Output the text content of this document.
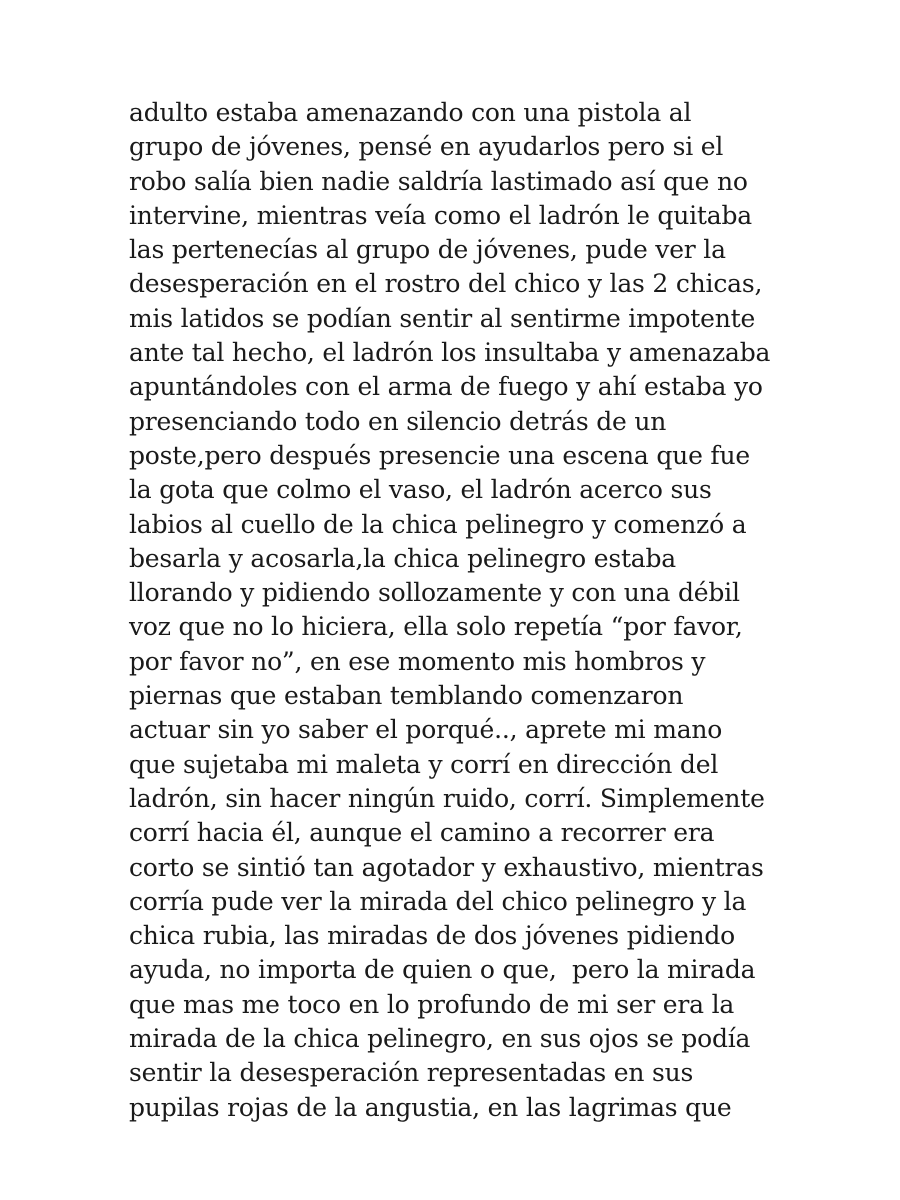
adulto estaba amenazando con una pistola al
grupo de jóvenes, pensé en ayudarlos pero si el
robo salía bien nadie saldría lastimado así que no
intervine, mientras veía como el ladrón le quitaba
las pertenecías al grupo de jóvenes, pude ver la
desesperación en el rostro del chico y las 2 chicas,
mis latidos se podían sentir al sentirme impotente
ante tal hecho, el ladrón los insultaba y amenazaba
apuntándoles con el arma de fuego y ahí estaba yo
presenciando todo en silencio detrás de un
poste,pero después presencie una escena que fue
la gota que colmo el vaso, el ladrón acerco sus
labios al cuello de la chica pelinegro y comenzó a
besarla y acosarla,la chica pelinegro estaba
llorando y pidiendo sollozamente y con una débil
voz que no lo hiciera, ella solo repetía “por favor,
por favor no”, en ese momento mis hombros y
piernas que estaban temblando comenzaron
actuar sin yo saber el porqué.., aprete mi mano
que sujetaba mi maleta y corrí en dirección del
ladrón, sin hacer ningún ruido, corrí. Simplemente
corrí hacia él, aunque el camino a recorrer era
corto se sintió tan agotador y exhaustivo, mientras
corría pude ver la mirada del chico pelinegro y la
chica rubia, las miradas de dos jóvenes pidiendo
ayuda, no importa de quien o que,  pero la mirada
que mas me toco en lo profundo de mi ser era la
mirada de la chica pelinegro, en sus ojos se podía
sentir la desesperación representadas en sus
pupilas rojas de la angustia, en las lagrimas que
